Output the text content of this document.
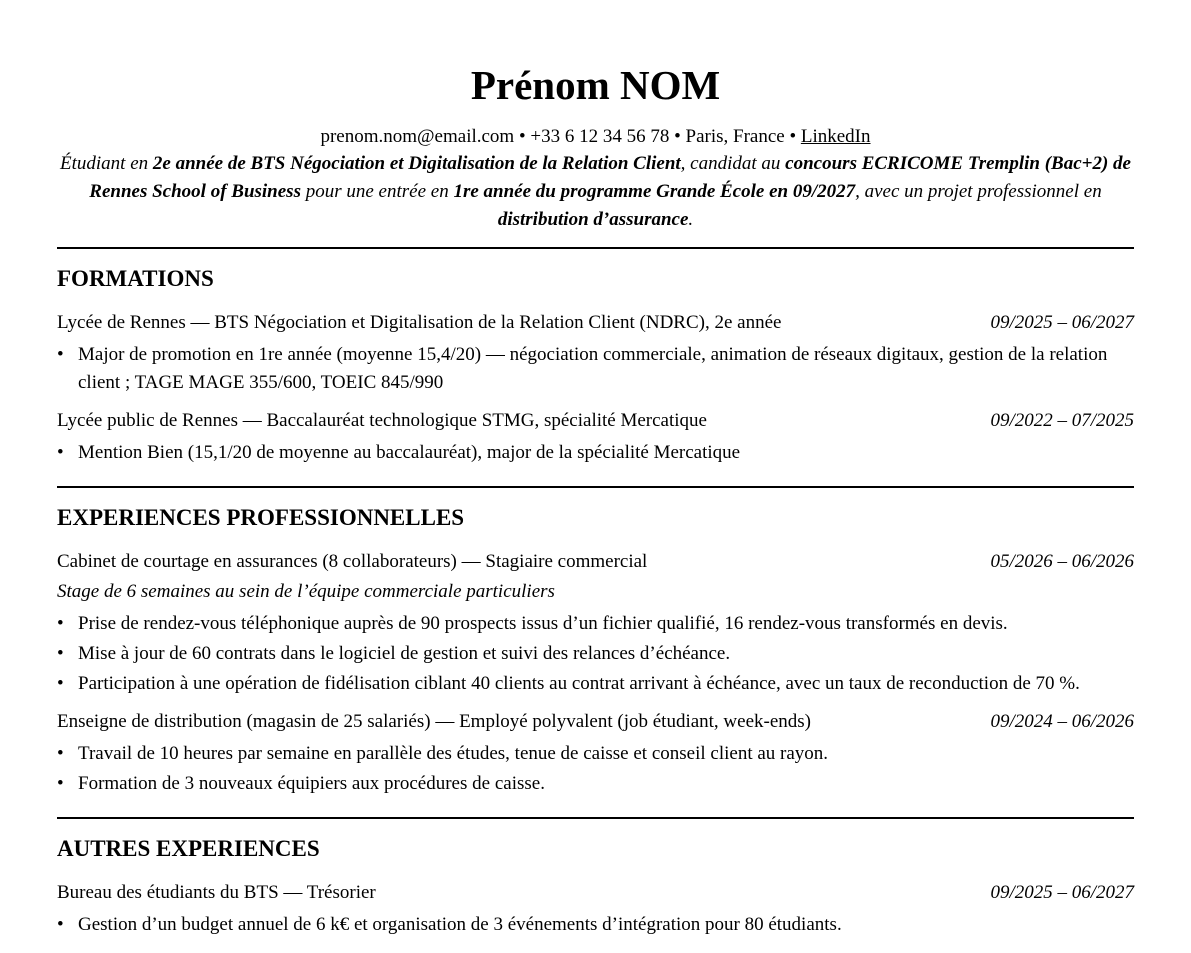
Prénom NOM
prenom.nom@email.com • +33 6 12 34 56 78 • Paris, France • LinkedIn

Étudiant en 2e année de BTS Négociation et Digitalisation de la Relation Client, candidat au concours ECRICOME Tremplin (Bac+2) de Rennes School of Business pour une entrée en 1re année du programme Grande École en 09/2027, avec un projet professionnel en distribution d’assurance.

FORMATIONS
Lycée de Rennes — BTS Négociation et Digitalisation de la Relation Client (NDRC), 2e année	09/2025 – 06/2027
• Major de promotion en 1re année (moyenne 15,4/20) — négociation commerciale, animation de réseaux digitaux, gestion de la relation client ; TAGE MAGE 355/600, TOEIC 845/990
Lycée public de Rennes — Baccalauréat technologique STMG, spécialité Mercatique	09/2022 – 07/2025
• Mention Bien (15,1/20 de moyenne au baccalauréat), major de la spécialité Mercatique
EXPERIENCES PROFESSIONNELLES
Cabinet de courtage en assurances (8 collaborateurs) — Stagiaire commercial	05/2026 – 06/2026
Stage de 6 semaines au sein de l’équipe commerciale particuliers
• Prise de rendez-vous téléphonique auprès de 90 prospects issus d’un fichier qualifié, 16 rendez-vous transformés en devis.
• Mise à jour de 60 contrats dans le logiciel de gestion et suivi des relances d’échéance.
• Participation à une opération de fidélisation ciblant 40 clients au contrat arrivant à échéance, avec un taux de reconduction de 70 %.
Enseigne de distribution (magasin de 25 salariés) — Employé polyvalent (job étudiant, week-ends)	09/2024 – 06/2026
• Travail de 10 heures par semaine en parallèle des études, tenue de caisse et conseil client au rayon.
• Formation de 3 nouveaux équipiers aux procédures de caisse.
AUTRES EXPERIENCES
Bureau des étudiants du BTS — Trésorier	09/2025 – 06/2027
• Gestion d’un budget annuel de 6 k€ et organisation de 3 événements d’intégration pour 80 étudiants.
